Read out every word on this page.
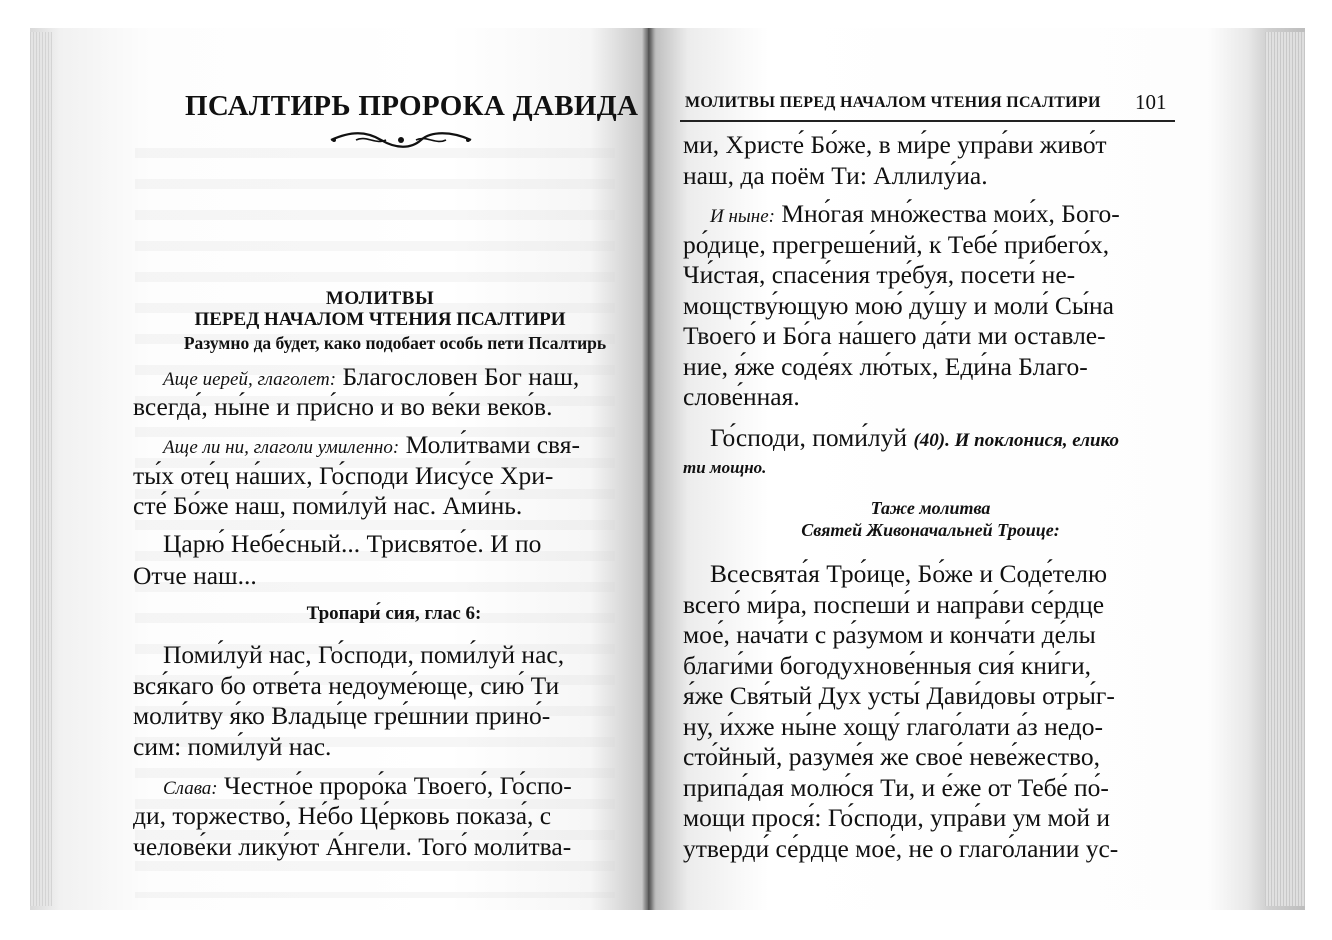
ПСАЛТИРЬ ПРОРОКА ДАВИДА
МОЛИТВЫ
ПЕРЕД НАЧАЛОМ ЧТЕНИЯ ПСАЛТИРИ
Разумно да будет, како подобает особь пети Псалтирь
Аще иерей, глаголет: Благословен Бог наш,
всегда́, ны́не и при́сно и во ве́ки веко́в.
Аще ли ни, глаголи умиленно: Моли́твами свя-
ты́х оте́ц на́ших, Го́споди Иису́се Хри-
сте́ Бо́же наш, поми́луй нас. Ами́нь.
Царю́ Небе́сный... Трисвято́е. И по
Отче наш...
Тропари́ сия, глас 6:
Поми́луй нас, Го́споди, поми́луй нас,
вся́каго бо отве́та недоуме́юще, сию́ Ти
моли́тву я́ко Влады́це гре́шнии прино́-
сим: поми́луй нас.
Слава: Честно́е проро́ка Твоего́, Го́спо-
ди, торжество́, Не́бо Це́рковь показа́, с
челове́ки лику́ют А́нгели. Того́ моли́тва-
МОЛИТВЫ ПЕРЕД НАЧАЛОМ ЧТЕНИЯ ПСАЛТИРИ 101
ми, Христе́ Бо́же, в ми́ре упра́ви живо́т
наш, да поём Ти: Аллилу́иа.
И ныне: Мно́гая мно́жества мои́х, Бого-
ро́дице, прегреше́ний, к Тебе́ прибего́х,
Чи́стая, спасе́ния тре́буя, посети́ не-
мощству́ющую мою́ ду́шу и моли́ Сы́на
Твоего́ и Бо́га на́шего да́ти ми оставле-
ние, я́же соде́ях лю́тых, Еди́на Благо-
слове́нная.
Го́споди, поми́луй (40). И поклонися, елико
ти мощно.
Таже молитва
Святей Живоначальней Троице:
Всесвята́я Тро́ице, Бо́же и Соде́телю
всего́ ми́ра, поспеши́ и напра́ви се́рдце
мое́, нача́ти с ра́зумом и конча́ти де́лы
благи́ми богодухнове́нныя сия́ кни́ги,
я́же Свя́тый Дух усты́ Дави́довы отры́г-
ну, и́хже ны́не хощу́ глаго́лати а́з недо-
сто́йный, разуме́я же свое́ неве́жество,
припа́дая молю́ся Ти, и е́же от Тебе́ по́-
мощи прося́: Го́споди, упра́ви ум мой и
утверди́ се́рдце мое́, не о глаго́лании ус-
